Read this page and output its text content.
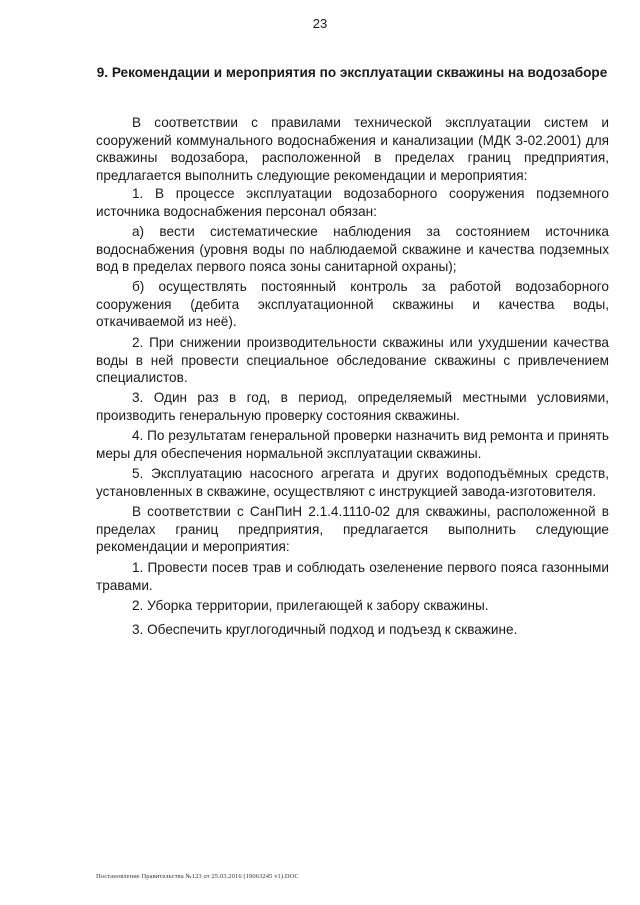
23
9. Рекомендации и мероприятия по эксплуатации скважины на водозаборе

В соответствии с правилами технической эксплуатации систем и сооружений коммунального водоснабжения и канализации (МДК 3-02.2001) для скважины водозабора, расположенной в пределах границ предприятия, предлагается выполнить следующие рекомендации и мероприятия:

1. В процессе эксплуатации водозаборного сооружения подземного источника водоснабжения персонал обязан:

а) вести систематические наблюдения за состоянием источника водоснабжения (уровня воды по наблюдаемой скважине и качества подземных вод в пределах первого пояса зоны санитарной охраны);

б) осуществлять постоянный контроль за работой водозаборного сооружения (дебита эксплуатационной скважины и качества воды, откачиваемой из неё).

2. При снижении производительности скважины или ухудшении качества воды в ней провести специальное обследование скважины с привлечением специалистов.

3. Один раз в год, в период, определяемый местными условиями, производить генеральную проверку состояния скважины.

4. По результатам генеральной проверки назначить вид ремонта и принять меры для обеспечения нормальной эксплуатации скважины.

5. Эксплуатацию насосного агрегата и других водоподъёмных средств, установленных в скважине, осуществляют с инструкцией завода-изготовителя.

В соответствии с СанПиН 2.1.4.1110-02 для скважины, расположенной в пределах границ предприятия, предлагается выполнить следующие рекомендации и мероприятия:

1. Провести посев трав и соблюдать озеленение первого пояса газонными травами.

2. Уборка территории, прилегающей к забору скважины.

3. Обеспечить круглогодичный подход и подъезд к скважине.

Постановление Правительства №123 от 25.03.2016 (19063245 v1).DOC
